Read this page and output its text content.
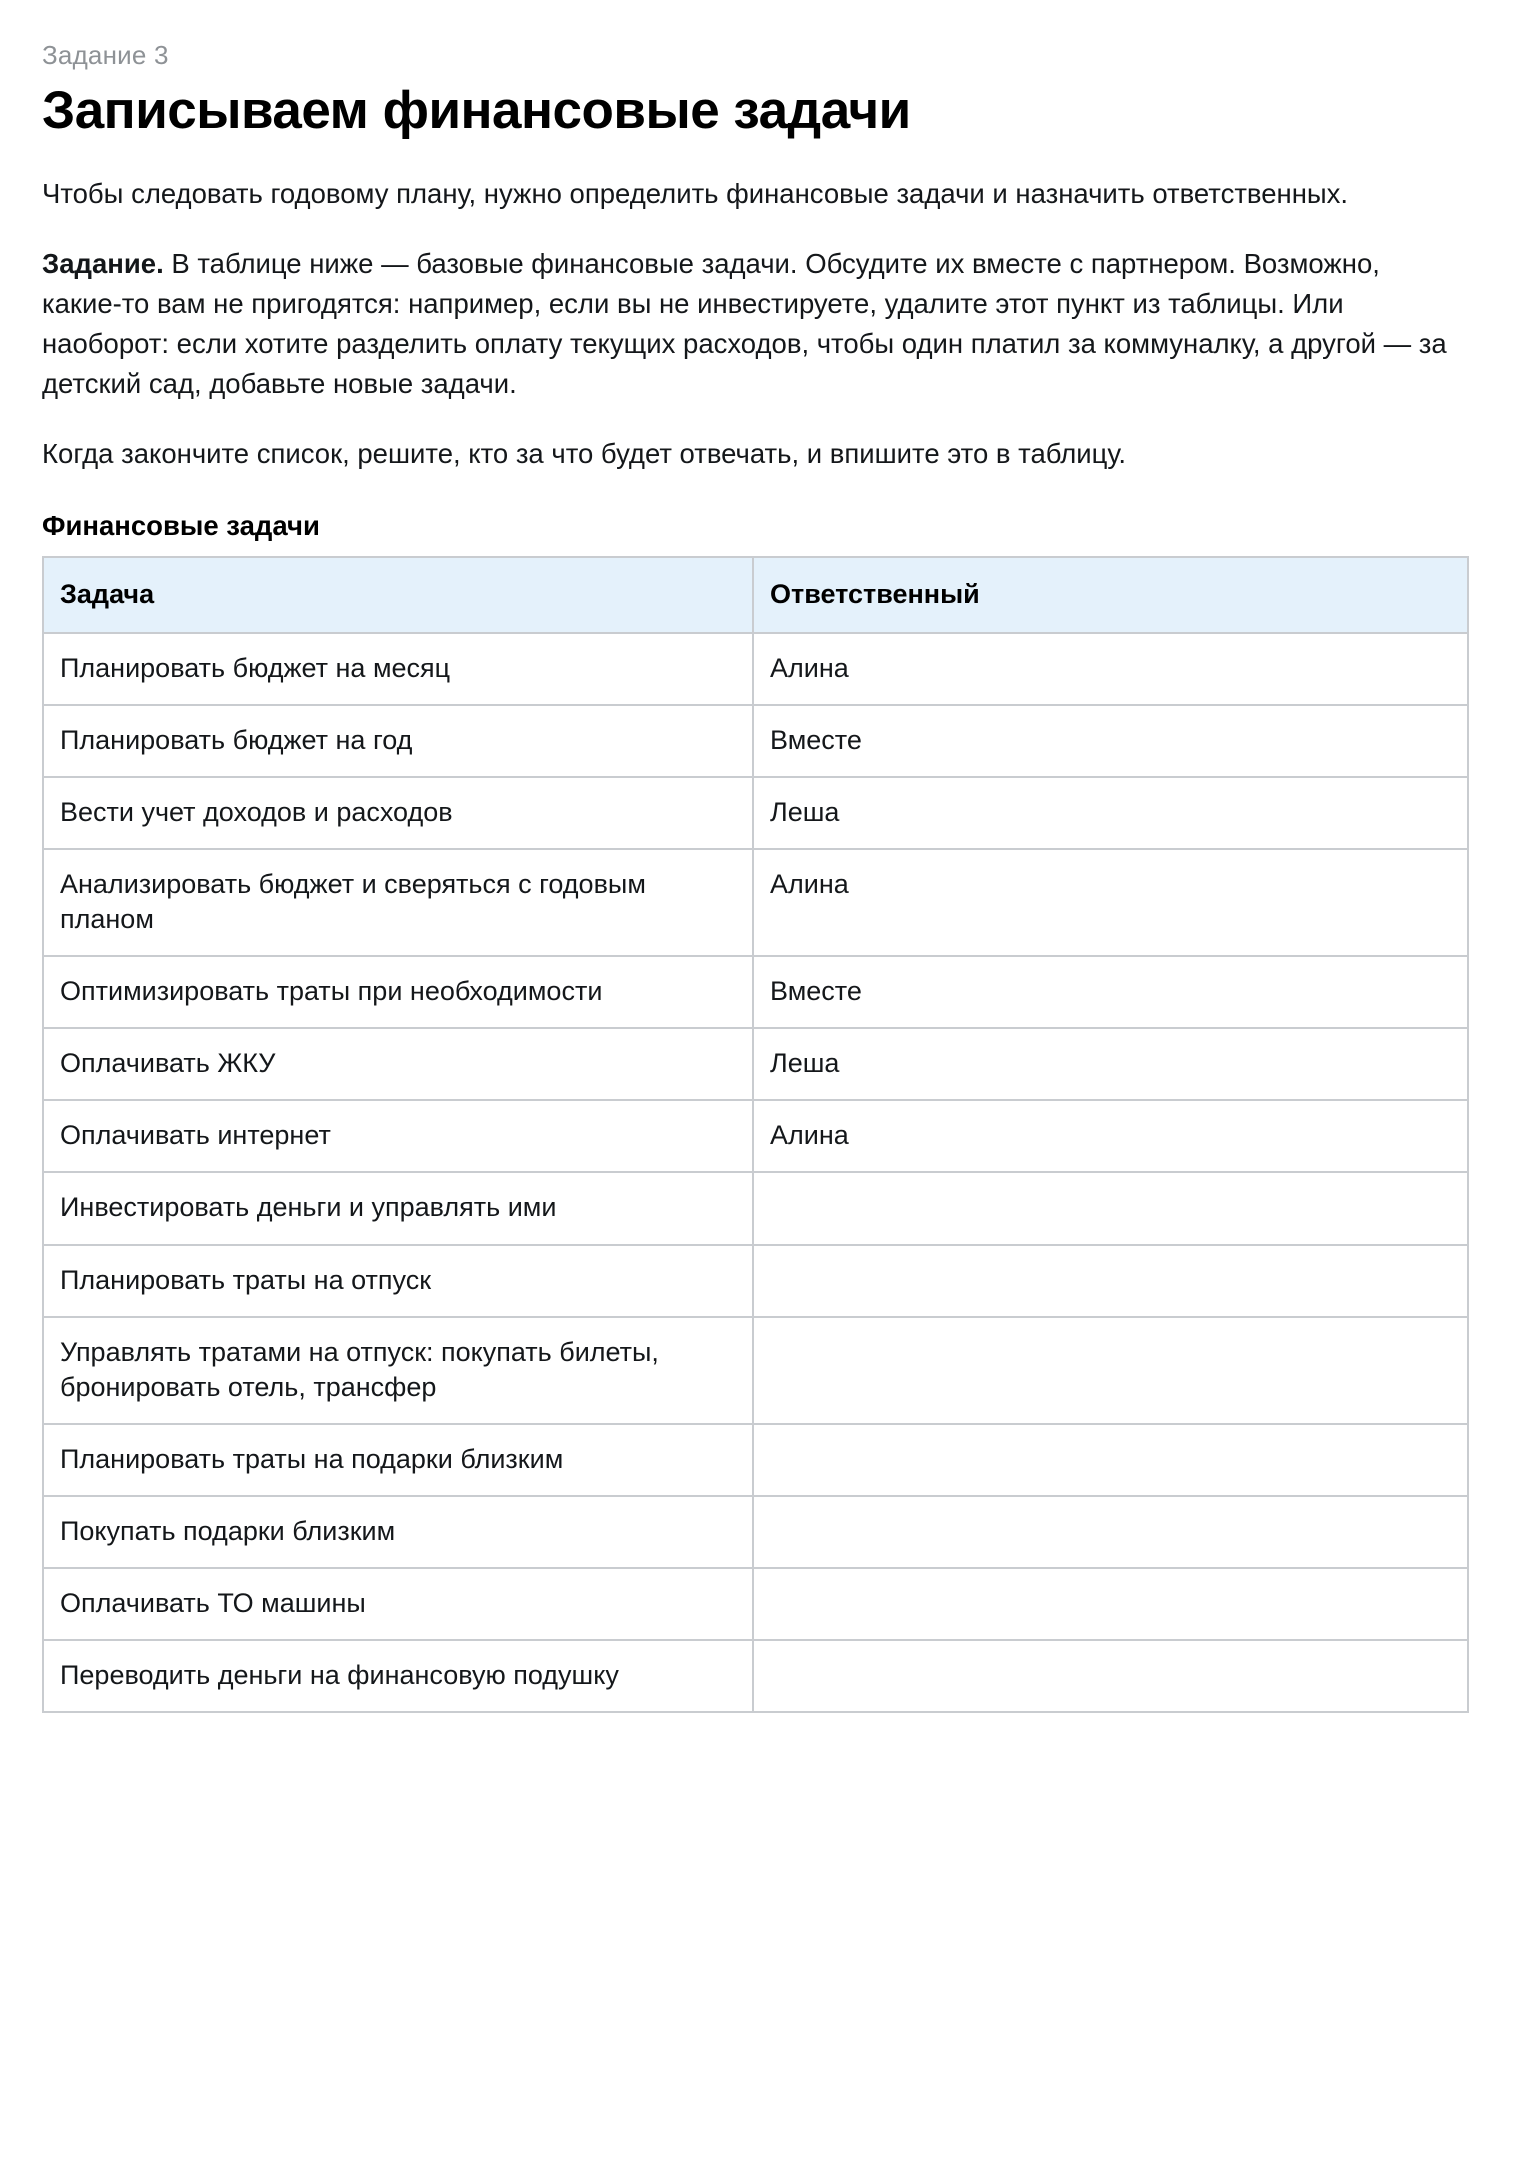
Задание 3
Записываем финансовые задачи

Чтобы следовать годовому плану, нужно определить финансовые задачи и назначить ответственных.

Задание. В таблице ниже — базовые финансовые задачи. Обсудите их вместе с партнером. Возможно, какие-то вам не пригодятся: например, если вы не инвестируете, удалите этот пункт из таблицы. Или наоборот: если хотите разделить оплату текущих расходов, чтобы один платил за коммуналку, а другой — за детский сад, добавьте новые задачи.

Когда закончите список, решите, кто за что будет отвечать, и впишите это в таблицу.

Финансовые задачи
Задача	Ответственный
Планировать бюджет на месяц	Алина
Планировать бюджет на год	Вместе
Вести учет доходов и расходов	Леша
Анализировать бюджет и сверяться с годовым планом	Алина
Оптимизировать траты при необходимости	Вместе
Оплачивать ЖКУ	Леша
Оплачивать интернет	Алина
Инвестировать деньги и управлять ими	
Планировать траты на отпуск	
Управлять тратами на отпуск: покупать билеты, бронировать отель, трансфер	
Планировать траты на подарки близким	
Покупать подарки близким	
Оплачивать ТО машины	
Переводить деньги на финансовую подушку	
